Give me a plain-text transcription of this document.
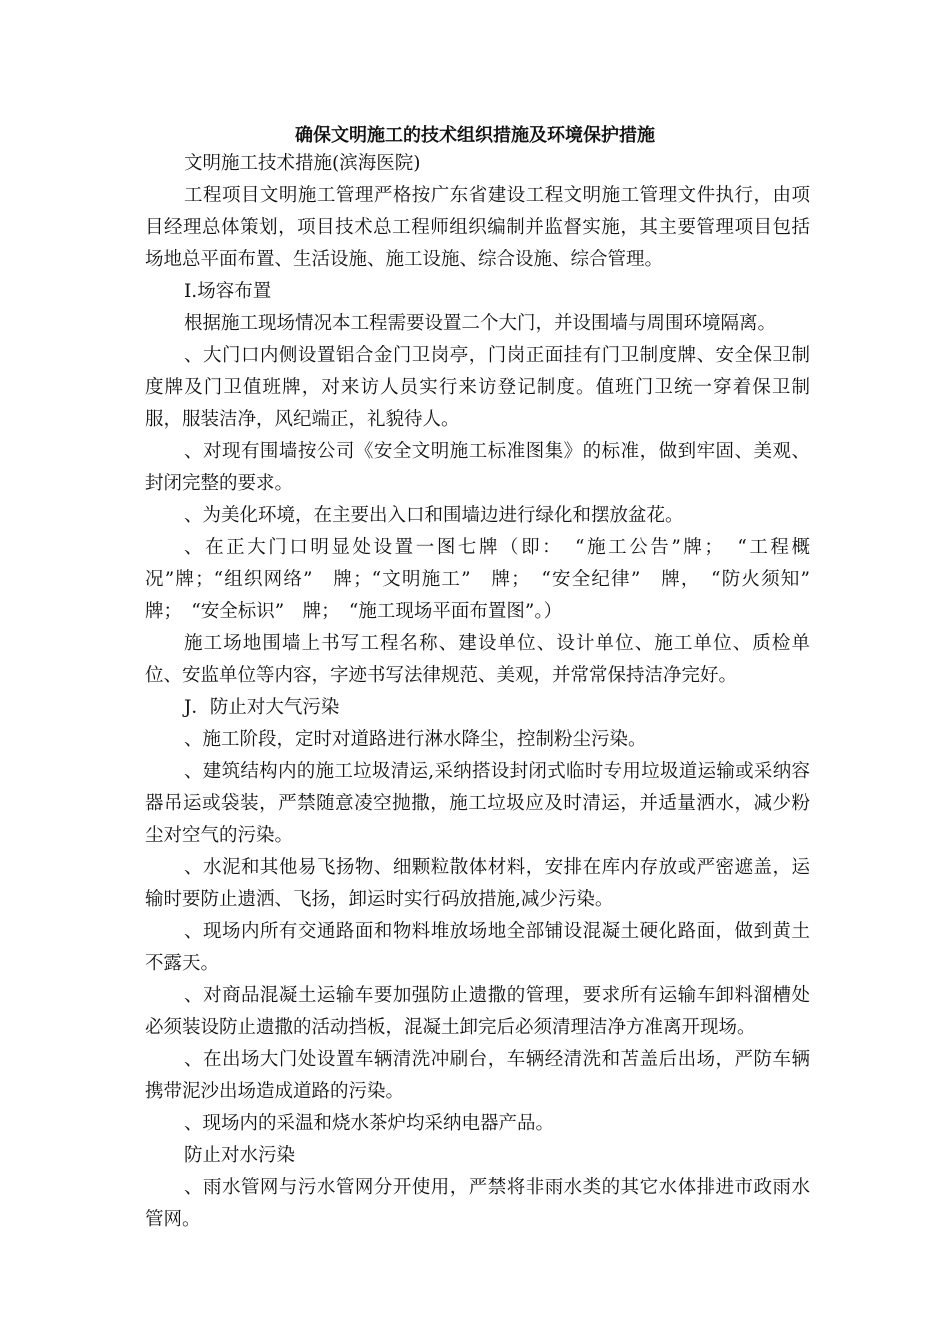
确保文明施工的技术组织措施及环境保护措施

文明施工技术措施(滨海医院)

工程项目文明施工管理严格按广东省建设工程文明施工管理文件执行，由项目经理总体策划，项目技术总工程师组织编制并监督实施，其主要管理项目包括场地总平面布置、生活设施、施工设施、综合设施、综合管理。

I.场容布置

根据施工现场情况本工程需要设置二个大门，并设围墙与周围环境隔离。

、大门口内侧设置铝合金门卫岗亭，门岗正面挂有门卫制度牌、安全保卫制度牌及门卫值班牌，对来访人员实行来访登记制度。值班门卫统一穿着保卫制服，服装洁净，风纪端正，礼貌待人。

、对现有围墙按公司《安全文明施工标准图集》的标准，做到牢固、美观、封闭完整的要求。

、为美化环境，在主要出入口和围墙边进行绿化和摆放盆花。

、在正大门口明显处设置一图七牌（即：　“施工公告”牌；　“工程概况”牌；“组织网络”　牌；“文明施工”　牌；　“安全纪律”　牌，　“防火须知”　牌；　“安全标识”　牌；　“施工现场平面布置图”。）

施工场地围墙上书写工程名称、建设单位、设计单位、施工单位、质检单位、安监单位等内容，字迹书写法律规范、美观，并常常保持洁净完好。

J．防止对大气污染

、施工阶段，定时对道路进行淋水降尘，控制粉尘污染。

、建筑结构内的施工垃圾清运,采纳搭设封闭式临时专用垃圾道运输或采纳容器吊运或袋装，严禁随意凌空抛撒，施工垃圾应及时清运，并适量洒水，减少粉尘对空气的污染。

、水泥和其他易飞扬物、细颗粒散体材料，安排在库内存放或严密遮盖，运输时要防止遗洒、飞扬，卸运时实行码放措施,减少污染。

、现场内所有交通路面和物料堆放场地全部铺设混凝土硬化路面，做到黄土不露天。

、对商品混凝土运输车要加强防止遗撒的管理，要求所有运输车卸料溜槽处必须装设防止遗撒的活动挡板，混凝土卸完后必须清理洁净方准离开现场。

、在出场大门处设置车辆清洗冲刷台，车辆经清洗和苫盖后出场，严防车辆携带泥沙出场造成道路的污染。

、现场内的采温和烧水茶炉均采纳电器产品。

防止对水污染

、雨水管网与污水管网分开使用，严禁将非雨水类的其它水体排进市政雨水管网。
